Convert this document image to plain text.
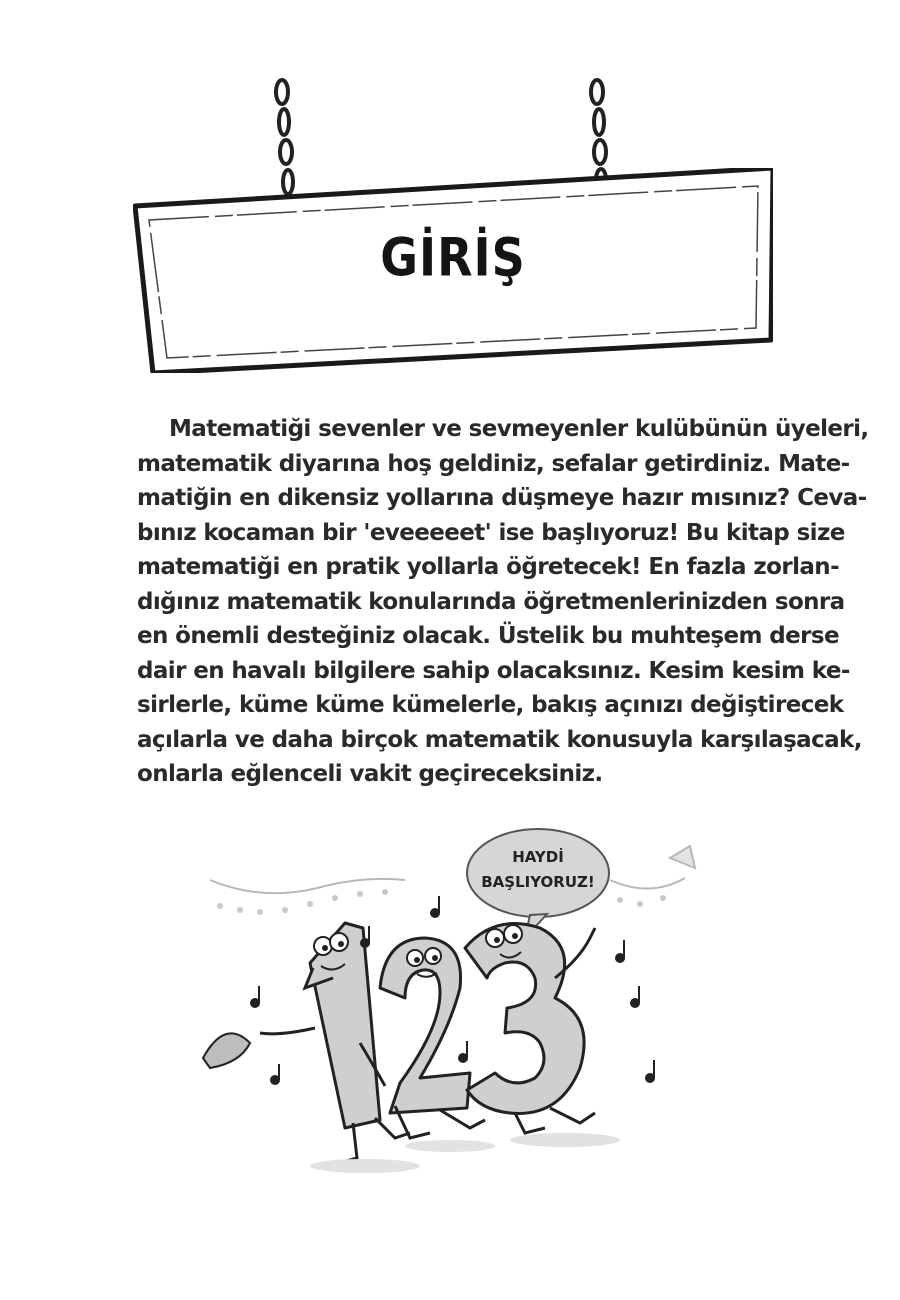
GİRİŞ

Matematiği sevenler ve sevmeyenler kulübünün üyeleri,
matematik diyarına hoş geldiniz, sefalar getirdiniz. Mate-
matiğin en dikensiz yollarına düşmeye hazır mısınız? Ceva-
bınız kocaman bir 'eveeeeet' ise başlıyoruz! Bu kitap size
matematiği en pratik yollarla öğretecek! En fazla zorlan-
dığınız matematik konularında öğretmenlerinizden sonra
en önemli desteğiniz olacak. Üstelik bu muhteşem derse
dair en havalı bilgilere sahip olacaksınız. Kesim kesim ke-
sirlerle, küme küme kümelerle, bakış açınızı değiştirecek
açılarla ve daha birçok matematik konusuyla karşılaşacak,
onlarla eğlenceli vakit geçireceksiniz.

HAYDİ
BAŞLIYORUZ!
